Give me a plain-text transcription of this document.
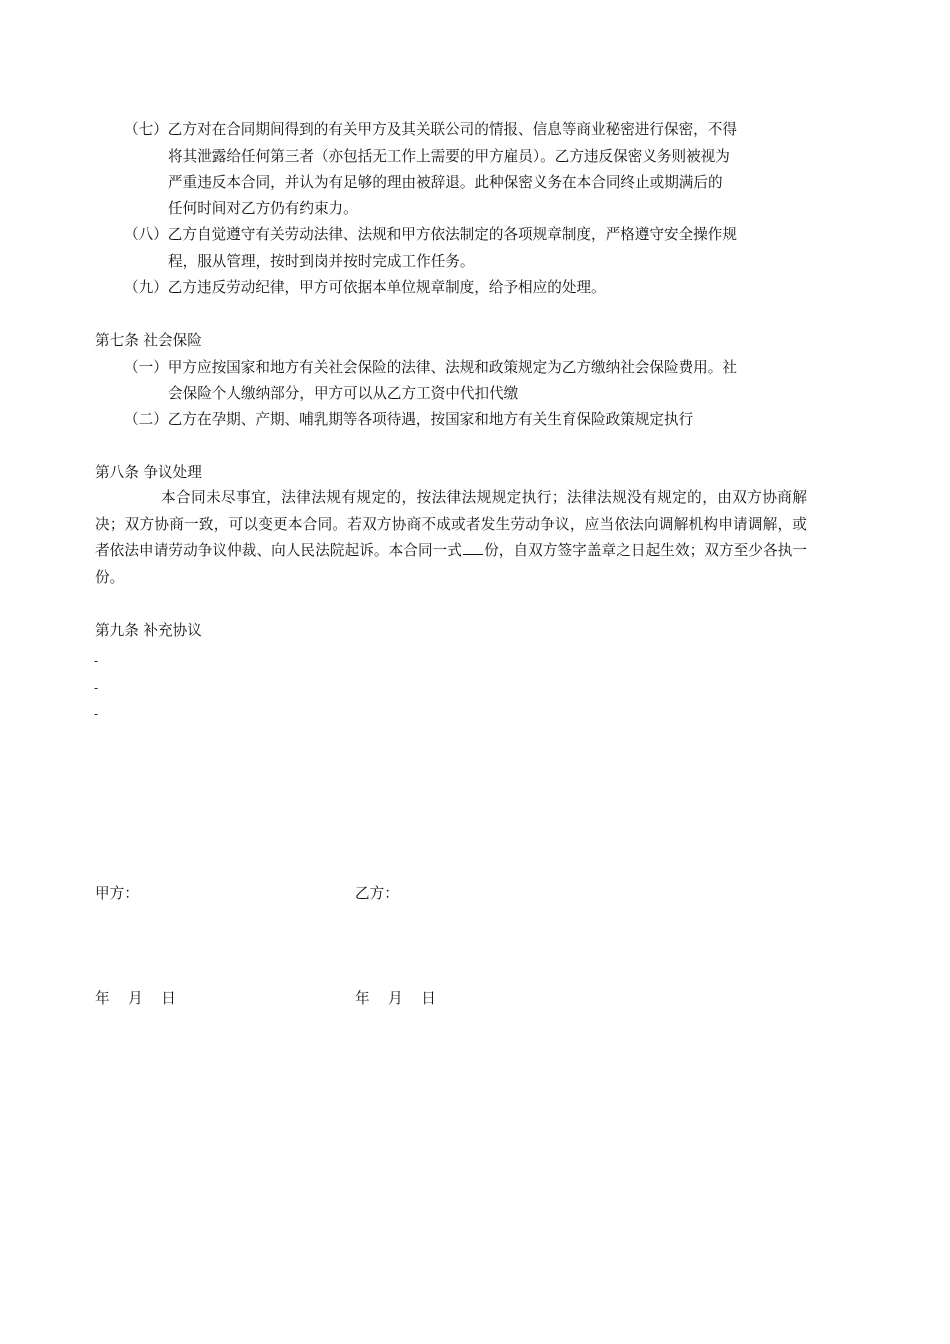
（七）乙方对在合同期间得到的有关甲方及其关联公司的情报、信息等商业秘密进行保密，不得
将其泄露给任何第三者（亦包括无工作上需要的甲方雇员）。乙方违反保密义务则被视为
严重违反本合同，并认为有足够的理由被辞退。此种保密义务在本合同终止或期满后的
任何时间对乙方仍有约束力。
（八）乙方自觉遵守有关劳动法律、法规和甲方依法制定的各项规章制度，严格遵守安全操作规
程，服从管理，按时到岗并按时完成工作任务。
（九）乙方违反劳动纪律，甲方可依据本单位规章制度，给予相应的处理。
第七条 社会保险
（一）甲方应按国家和地方有关社会保险的法律、法规和政策规定为乙方缴纳社会保险费用。社
会保险个人缴纳部分，甲方可以从乙方工资中代扣代缴
（二）乙方在孕期、产期、哺乳期等各项待遇，按国家和地方有关生育保险政策规定执行
第八条 争议处理
本合同未尽事宜，法律法规有规定的，按法律法规规定执行；法律法规没有规定的，由双方协商解决；双方协商一致，可以变更本合同。若双方协商不成或者发生劳动争议，应当依法向调解机构申请调解，或者依法申请劳动争议仲裁、向人民法院起诉。本合同一式 份，自双方签字盖章之日起生效；双方至少各执一份。
第九条 补充协议
-
-
-
甲方：	乙方：
年    月    日	年    月    日
